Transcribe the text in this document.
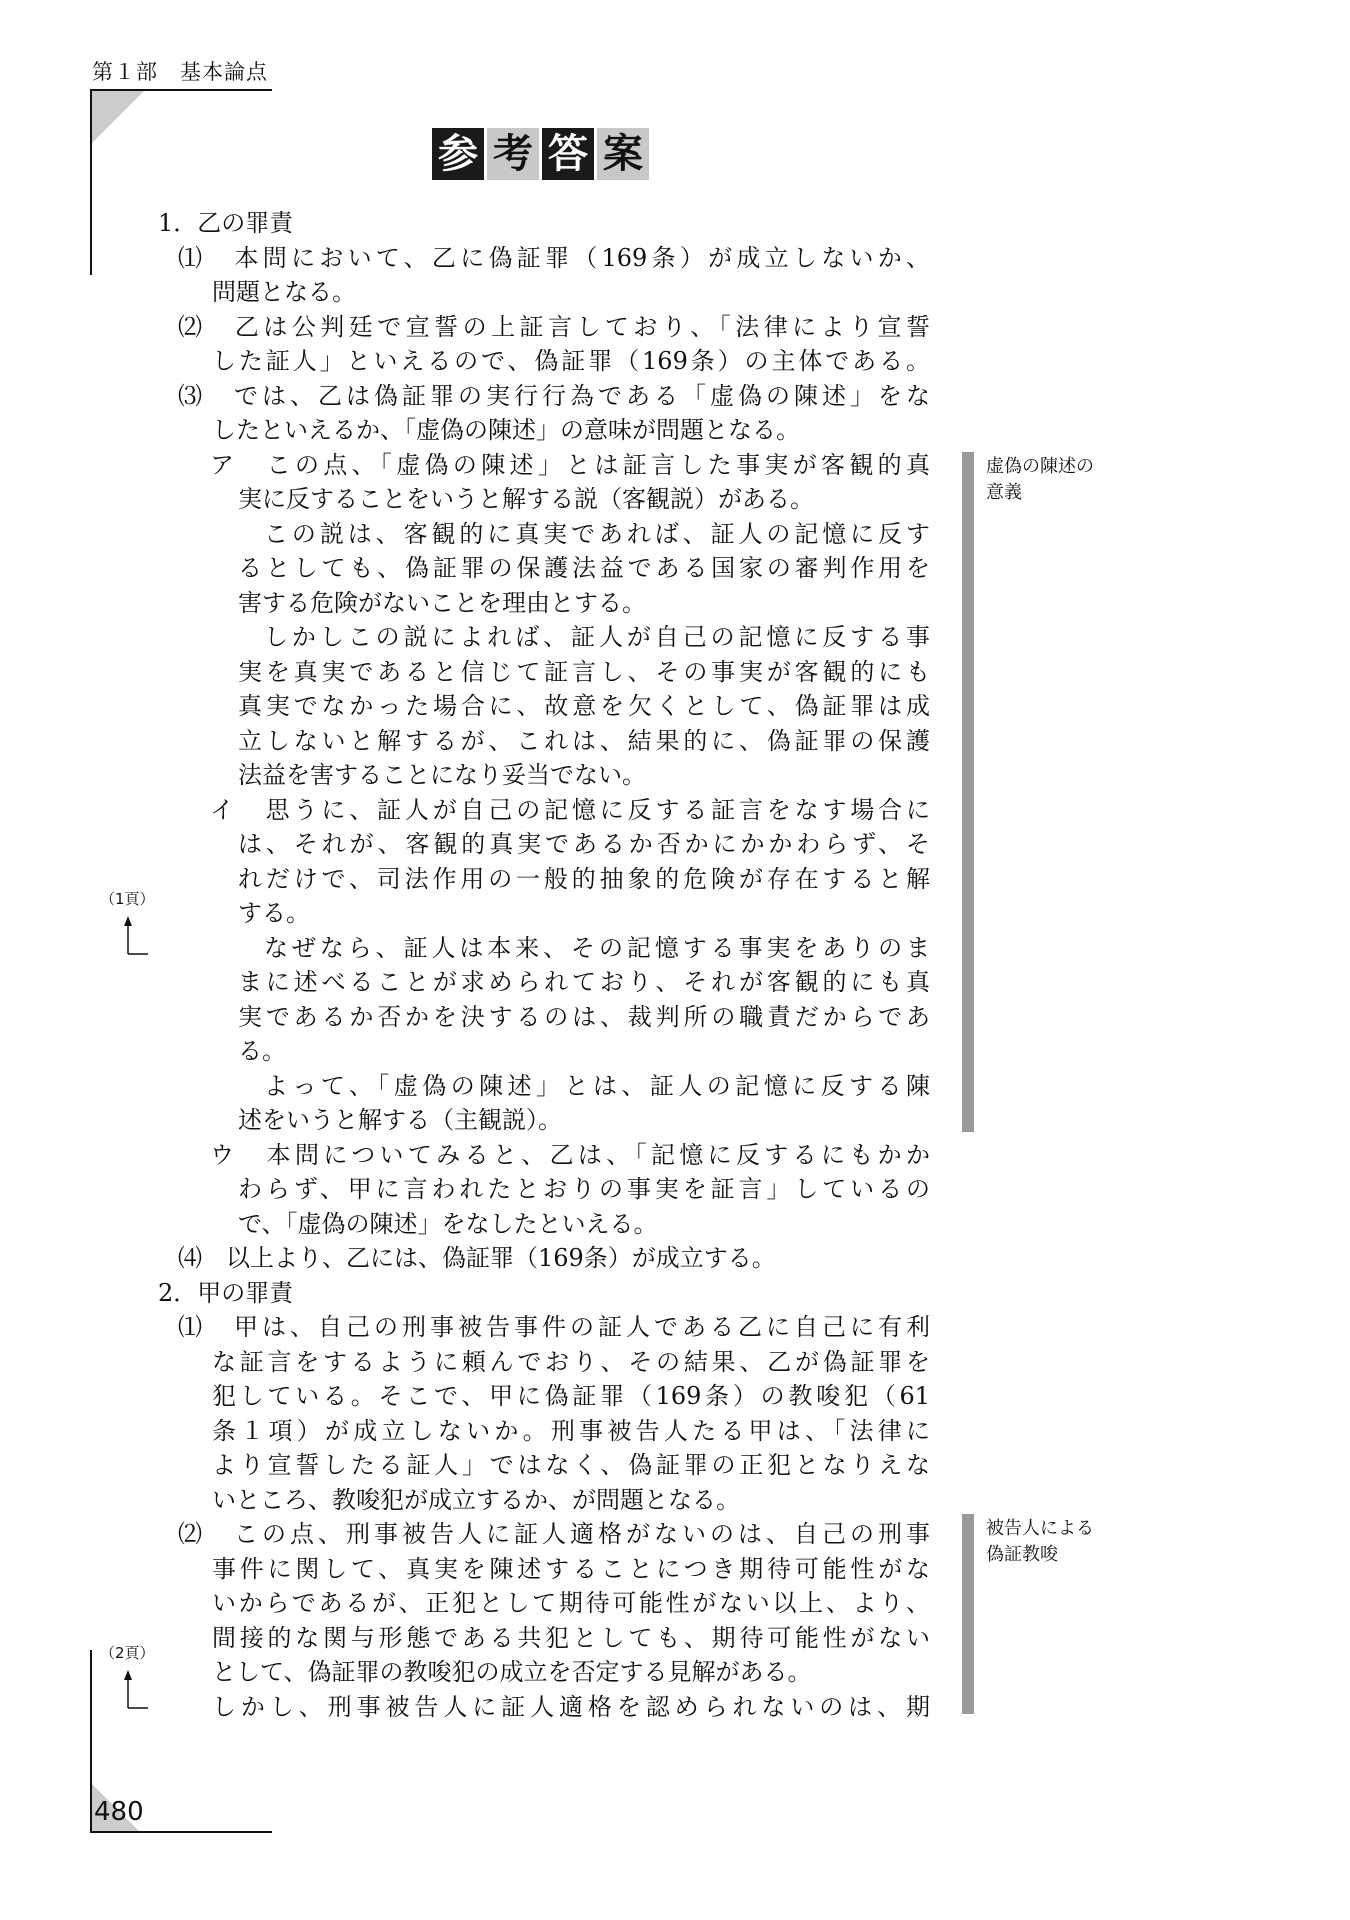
第１部 基本論点
参 考 答 案
1．乙の罪責
⑴　本問において、乙に偽証罪（169条）が成立しないか、
問題となる。
⑵　乙は公判廷で宣誓の上証言しており、「法律により宣誓
した証人」といえるので、偽証罪（169条）の主体である。
⑶　では、乙は偽証罪の実行行為である「虚偽の陳述」をな
したといえるか、「虚偽の陳述」の意味が問題となる。
ア　この点、「虚偽の陳述」とは証言した事実が客観的真
実に反することをいうと解する説（客観説）がある。
この説は、客観的に真実であれば、証人の記憶に反す
るとしても、偽証罪の保護法益である国家の審判作用を
害する危険がないことを理由とする。
しかしこの説によれば、証人が自己の記憶に反する事
実を真実であると信じて証言し、その事実が客観的にも
真実でなかった場合に、故意を欠くとして、偽証罪は成
立しないと解するが、これは、結果的に、偽証罪の保護
法益を害することになり妥当でない。
イ　思うに、証人が自己の記憶に反する証言をなす場合に
は、それが、客観的真実であるか否かにかかわらず、そ
れだけで、司法作用の一般的抽象的危険が存在すると解
する。
なぜなら、証人は本来、その記憶する事実をありのま
まに述べることが求められており、それが客観的にも真
実であるか否かを決するのは、裁判所の職責だからであ
る。
よって、「虚偽の陳述」とは、証人の記憶に反する陳
述をいうと解する（主観説）。
ウ　本問についてみると、乙は、「記憶に反するにもかか
わらず、甲に言われたとおりの事実を証言」しているの
で、「虚偽の陳述」をなしたといえる。
⑷　以上より、乙には、偽証罪（169条）が成立する。
2．甲の罪責
⑴　甲は、自己の刑事被告事件の証人である乙に自己に有利
な証言をするように頼んでおり、その結果、乙が偽証罪を
犯している。そこで、甲に偽証罪（169条）の教唆犯（61
条１項）が成立しないか。刑事被告人たる甲は、「法律に
より宣誓したる証人」ではなく、偽証罪の正犯となりえな
いところ、教唆犯が成立するか、が問題となる。
⑵　この点、刑事被告人に証人適格がないのは、自己の刑事
事件に関して、真実を陳述することにつき期待可能性がな
いからであるが、正犯として期待可能性がない以上、より、
間接的な関与形態である共犯としても、期待可能性がない
として、偽証罪の教唆犯の成立を否定する見解がある。
しかし、刑事被告人に証人適格を認められないのは、期
虚偽の陳述の
意義
被告人による
偽証教唆
（1頁）
（2頁）
480
